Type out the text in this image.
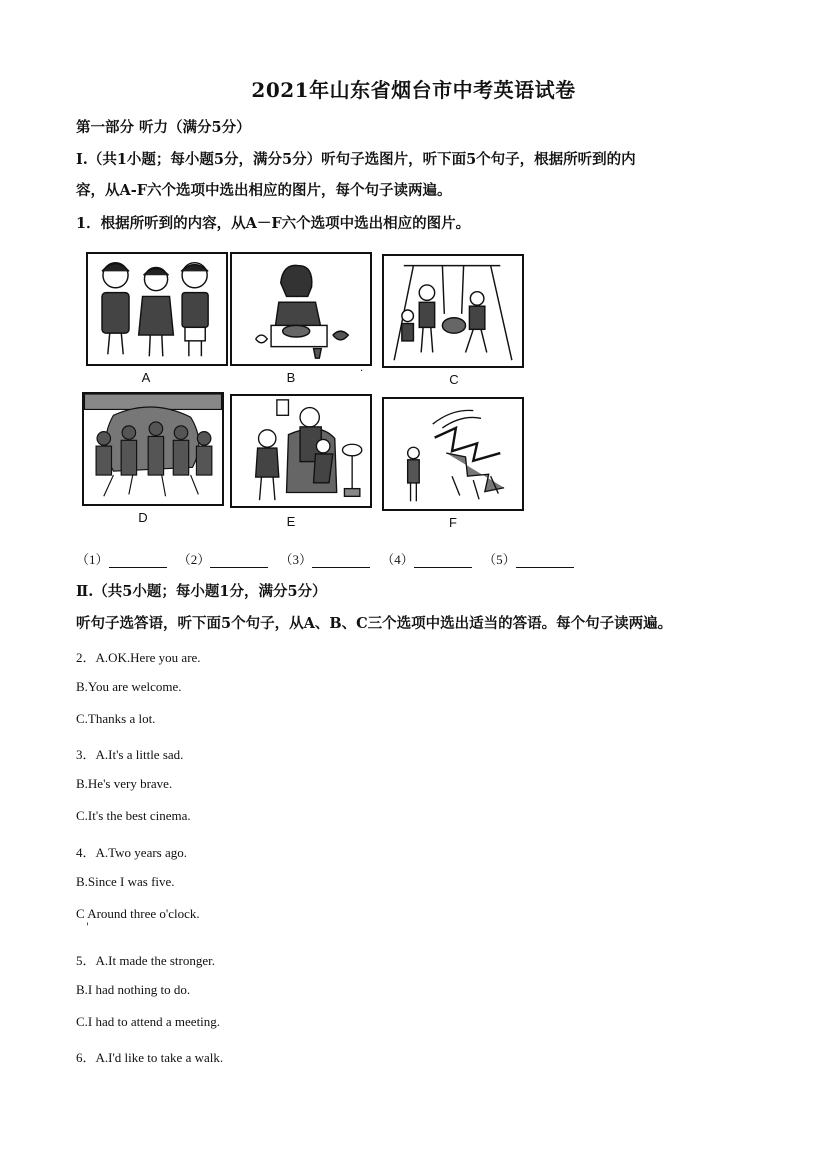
2021年山东省烟台市中考英语试卷
第一部分 听力（满分5分）
Ⅰ.（共1小题；每小题5分，满分5分）听句子选图片，听下面5个句子，根据所听到的内
容，从A-F六个选项中选出相应的图片，每个句子读两遍。
1．根据所听到的内容，从A－F六个选项中选出相应的图片。
A	B	C
·
D	E	F
（1）	（2）	（3）	（4）	（5）
Ⅱ.（共5小题；每小题1分，满分5分）
听句子选答语，听下面5个句子，从A、B、C三个选项中选出适当的答语。每个句子读两遍。
2．A.OK.Here you are.
B.You are welcome.
C.Thanks a lot.
3．A.It's a little sad.
B.He's very brave.
C.It's the best cinema.
4．A.Two years ago.
B.Since I was five.
C Around three o'clock.
'
5．A.It made the stronger.
B.I had nothing to do.
C.I had to attend a meeting.
6．A.I'd like to take a walk.
